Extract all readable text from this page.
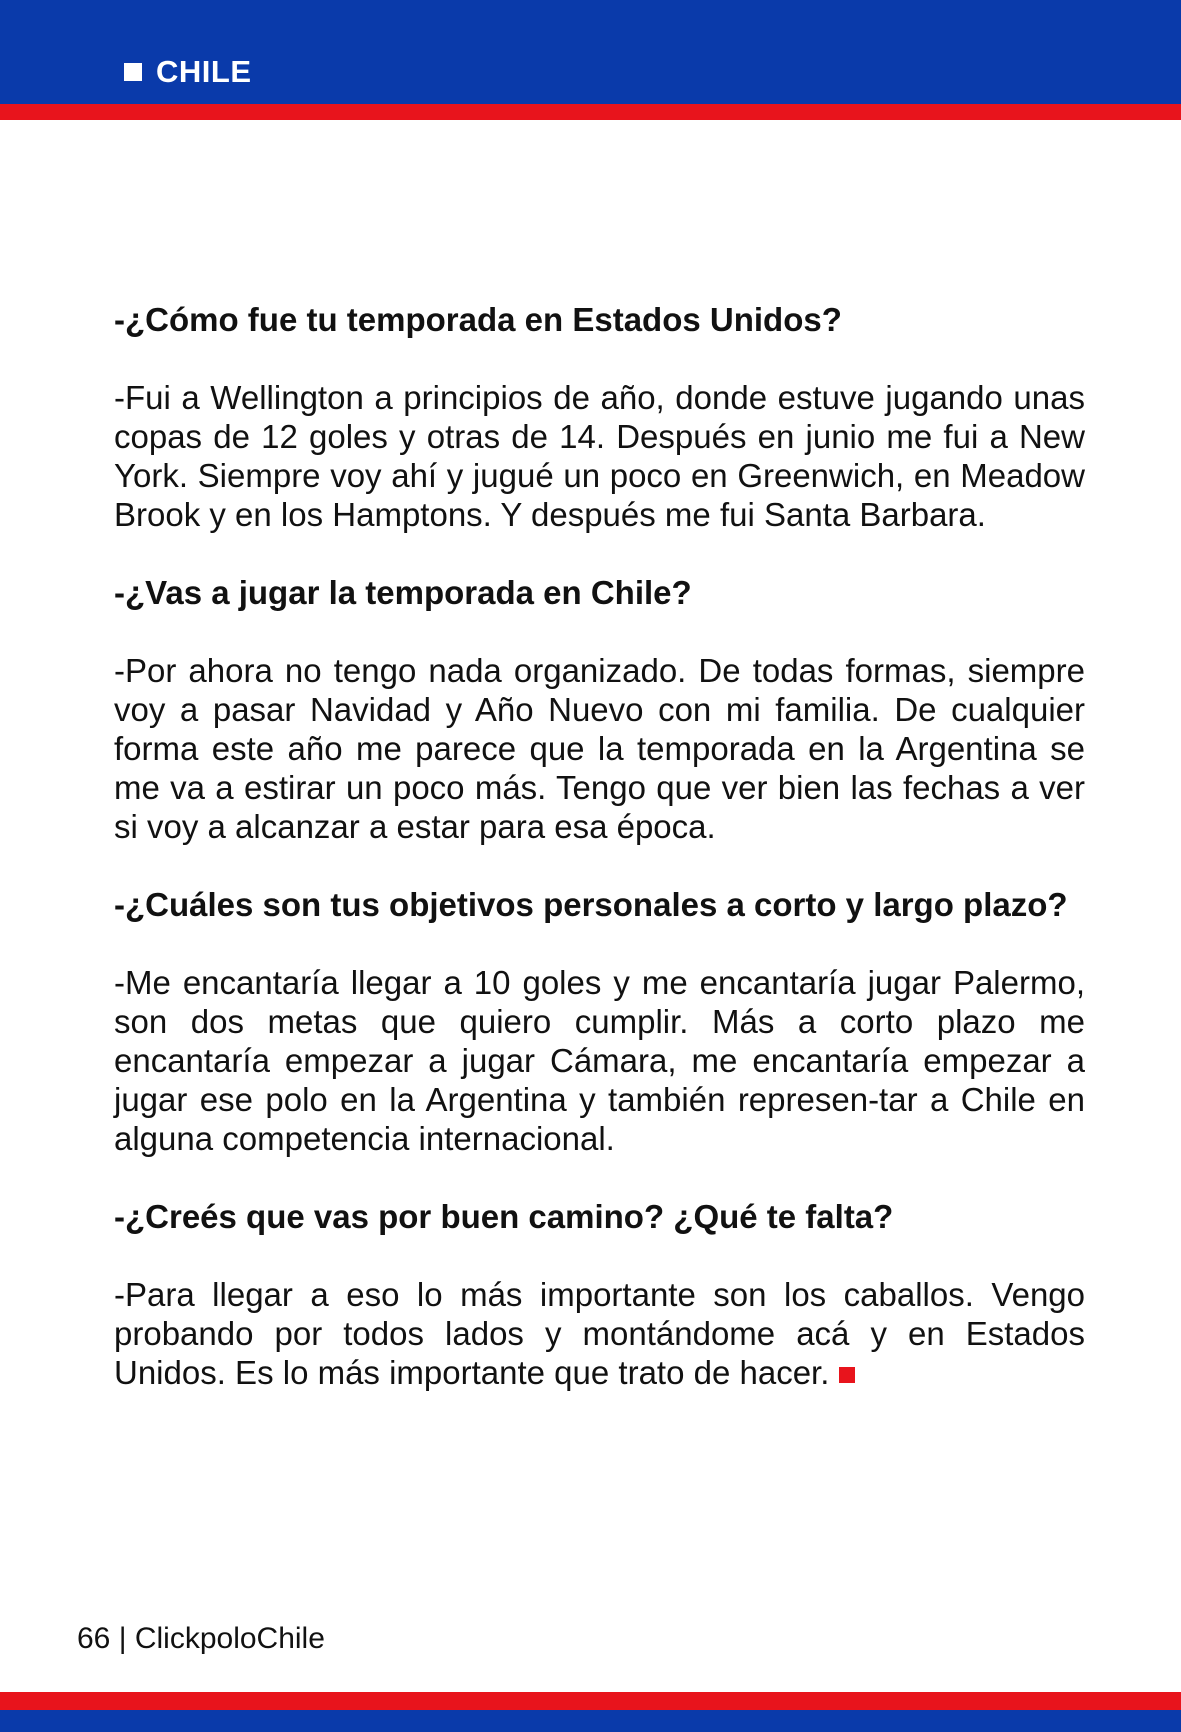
CHILE

-¿Cómo fue tu temporada en Estados Unidos?

-Fui a Wellington a principios de año, donde estuve jugando unas copas de 12 goles y otras de 14. Después en junio me fui a New York. Siempre voy ahí y jugué un poco en Greenwich, en Meadow Brook y en los Hamptons. Y después me fui Santa Barbara.

-¿Vas a jugar la temporada en Chile?

-Por ahora no tengo nada organizado. De todas formas, siempre voy a pasar Navidad y Año Nuevo con mi familia. De cualquier forma este año me parece que la temporada en la Argentina se me va a estirar un poco más. Tengo que ver bien las fechas a ver si voy a alcanzar a estar para esa época.

-¿Cuáles son tus objetivos personales a corto y largo plazo?

-Me encantaría llegar a 10 goles y me encantaría jugar Palermo, son dos metas que quiero cumplir. Más a corto plazo me encantaría empezar a jugar Cámara, me encantaría empezar a jugar ese polo en la Argentina y también represen-tar a Chile en alguna competencia internacional.

-¿Creés que vas por buen camino? ¿Qué te falta?

-Para llegar a eso lo más importante son los caballos. Vengo probando por todos lados y montándome acá y en Estados Unidos. Es lo más importante que trato de hacer.

66 | ClickpoloChile
